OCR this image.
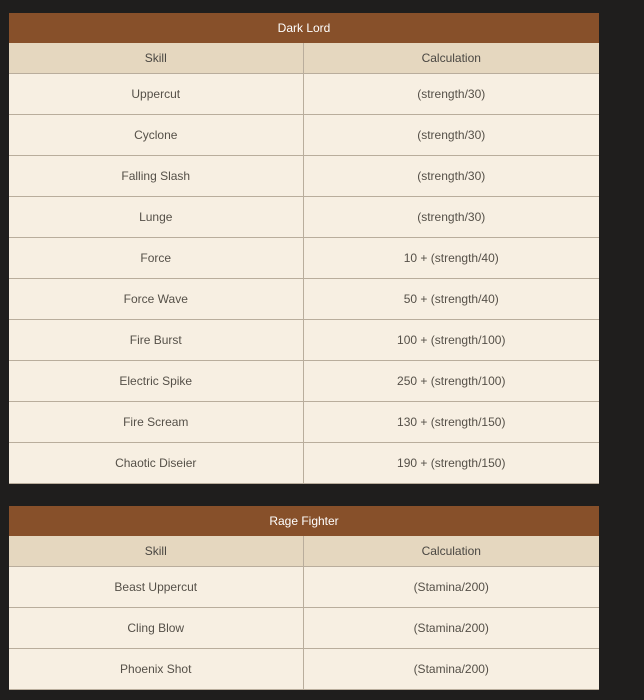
Dark Lord	
Skill	Calculation
Uppercut	(strength/30)
Cyclone	(strength/30)
Falling Slash	(strength/30)
Lunge	(strength/30)
Force	10 + (strength/40)
Force Wave	50 + (strength/40)
Fire Burst	100 + (strength/100)
Electric Spike	250 + (strength/100)
Fire Scream	130 + (strength/150)
Chaotic Diseier	190 + (strength/150)
Rage Fighter	
Skill	Calculation
Beast Uppercut	(Stamina/200)
Cling Blow	(Stamina/200)
Phoenix Shot	(Stamina/200)
